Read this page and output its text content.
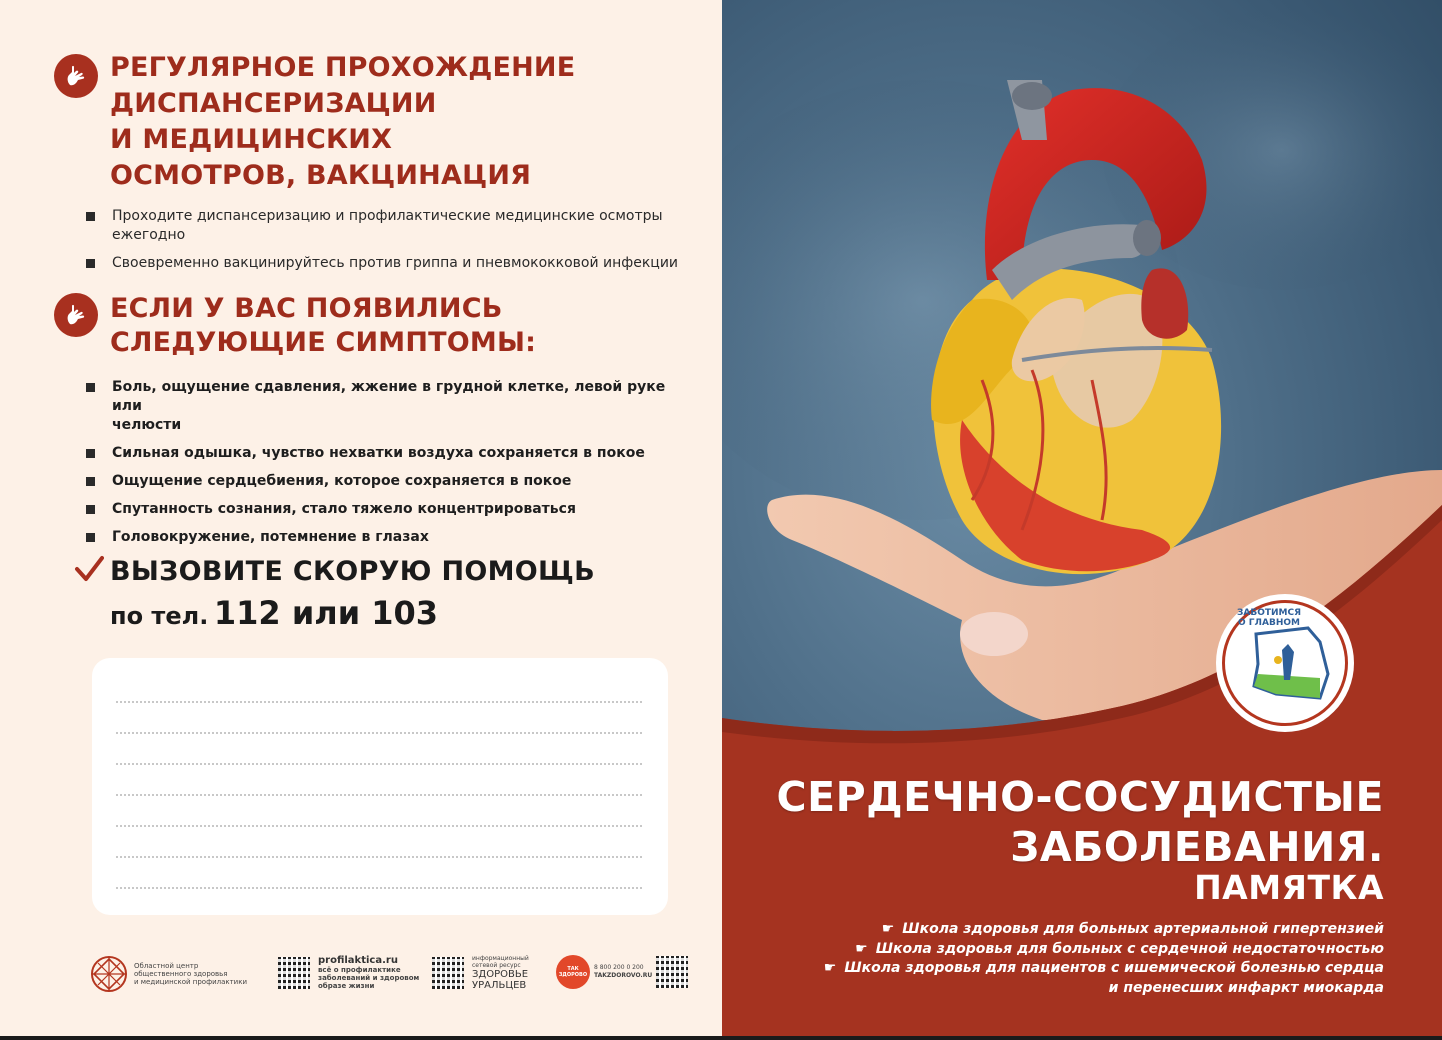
РЕГУЛЯРНОЕ ПРОХОЖДЕНИЕ
ДИСПАНСЕРИЗАЦИИ
И МЕДИЦИНСКИХ
ОСМОТРОВ, ВАКЦИНАЦИЯ
Проходите диспансеризацию и профилактические медицинские осмотры
ежегодно
Своевременно вакцинируйтесь против гриппа и пневмококковой инфекции
ЕСЛИ У ВАС ПОЯВИЛИСЬ
СЛЕДУЮЩИЕ СИМПТОМЫ:
Боль, ощущение сдавления, жжение в грудной клетке, левой руке или
челюсти
Сильная одышка, чувство нехватки воздуха сохраняется в покое
Ощущение сердцебиения, которое сохраняется в покое
Спутанность сознания, стало тяжело концентрироваться
Головокружение, потемнение в глазах
ВЫЗОВИТЕ СКОРУЮ ПОМОЩЬ
по тел. 112 или 103
Областной центр
общественного здоровья
и медицинской профилактики
profilaktica.ru
всё о профилактике
заболеваний и здоровом
образе жизни
информационный
сетевой ресурс
ЗДОРОВЬЕ
УРАЛЬЦЕВ
ТАК ЗДОРОВО
8 800 200 0 200
TAKZDOROVO.RU
ЗАБОТИМСЯ
О ГЛАВНОМ
СЕРДЕЧНО-СОСУДИСТЫЕ
ЗАБОЛЕВАНИЯ.
ПАМЯТКА
☛ Школа здоровья для больных артериальной гипертензией
☛ Школа здоровья для больных с сердечной недостаточностью
☛ Школа здоровья для пациентов с ишемической болезнью сердца
и перенесших инфаркт миокарда
